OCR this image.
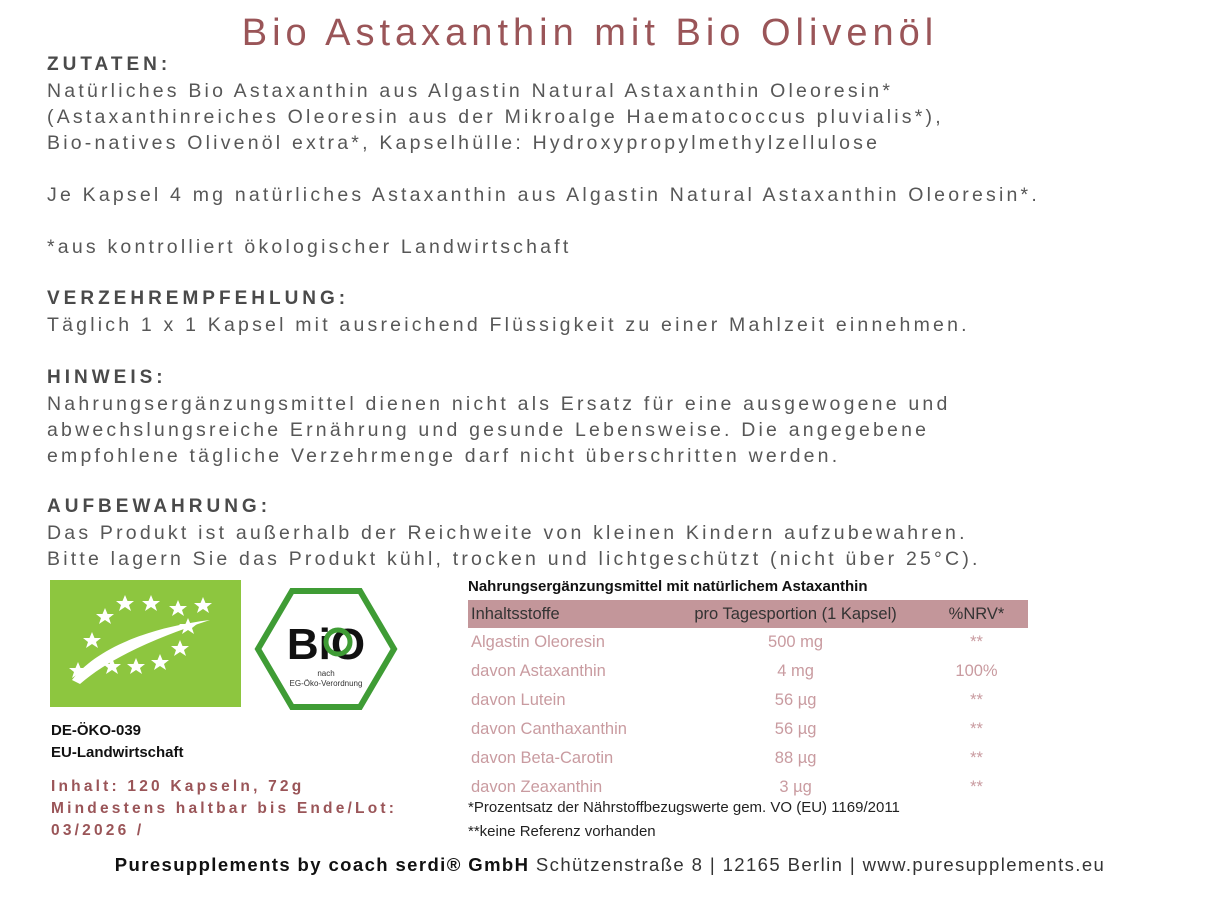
Bio Astaxanthin mit Bio Olivenöl
ZUTATEN:
Natürliches Bio Astaxanthin aus Algastin Natural Astaxanthin Oleoresin*
(Astaxanthinreiches Oleoresin aus der Mikroalge Haematococcus pluvialis*),
Bio-natives Olivenöl extra*, Kapselhülle: Hydroxypropylmethylzellulose
Je Kapsel 4 mg natürliches Astaxanthin aus Algastin Natural Astaxanthin Oleoresin*.
*aus kontrolliert ökologischer Landwirtschaft
VERZEHREMPFEHLUNG:
Täglich 1 x 1 Kapsel mit ausreichend Flüssigkeit zu einer Mahlzeit einnehmen.
HINWEIS:
Nahrungsergänzungsmittel dienen nicht als Ersatz für eine ausgewogene und
abwechslungsreiche Ernährung und gesunde Lebensweise. Die angegebene
empfohlene tägliche Verzehrmenge darf nicht überschritten werden.
AUFBEWAHRUNG:
Das Produkt ist außerhalb der Reichweite von kleinen Kindern aufzubewahren.
Bitte lagern Sie das Produkt kühl, trocken und lichtgeschützt (nicht über 25°C).
BiO
nach
EG-Öko-Verordnung
DE-ÖKO-039
EU-Landwirtschaft
Inhalt: 120 Kapseln, 72g
Mindestens haltbar bis Ende/Lot:
03/2026 /
Nahrungsergänzungsmittel mit natürlichem Astaxanthin
Inhaltsstoffe	pro Tagesportion (1 Kapsel)	%NRV*
Algastin Oleoresin	500 mg	**
davon Astaxanthin	4 mg	100%
davon Lutein	56 µg	**
davon Canthaxanthin	56 µg	**
davon Beta-Carotin	88 µg	**
davon Zeaxanthin	3 µg	**
*Prozentsatz der Nährstoffbezugswerte gem. VO (EU) 1169/2011
**keine Referenz vorhanden
Puresupplements by coach serdi® GmbH Schützenstraße 8 | 12165 Berlin | www.puresupplements.eu
